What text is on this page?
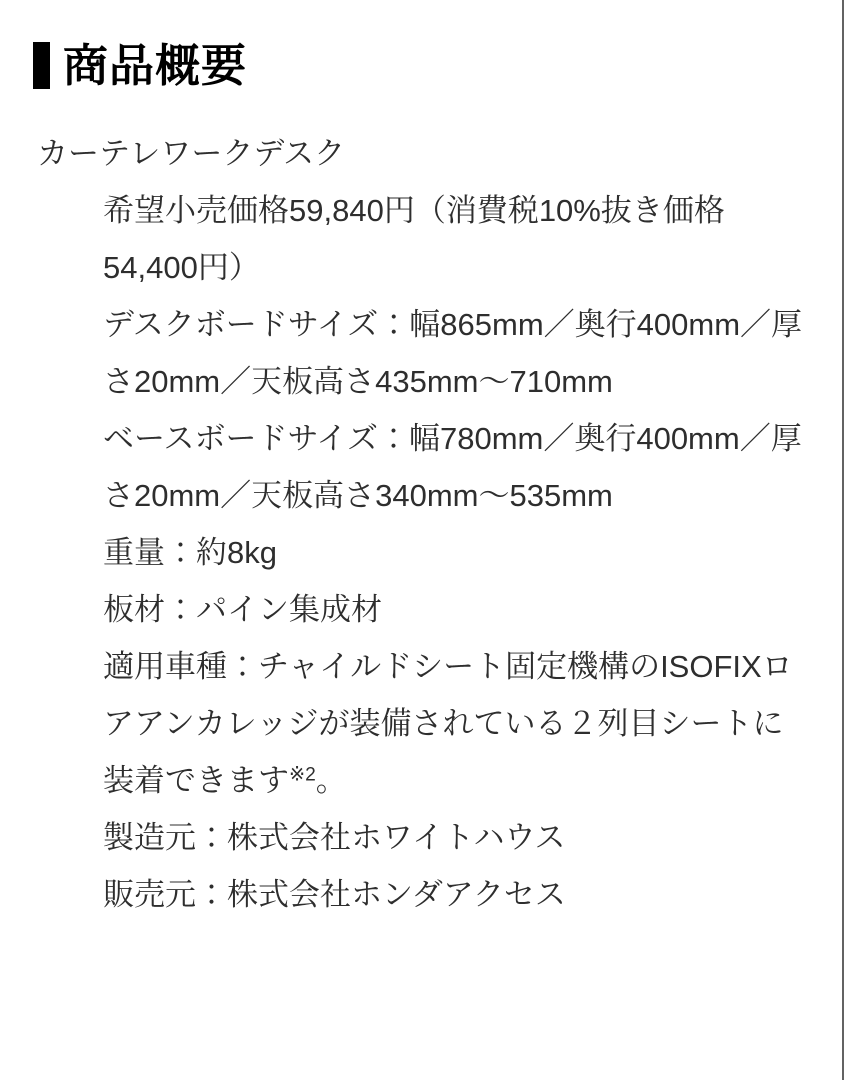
商品概要

カーテレワークデスク

希望小売価格59,840円（消費税10%抜き価格54,400円）
デスクボードサイズ：幅865mm／奥行400mm／厚さ20mm／天板高さ435mm～710mm
ベースボードサイズ：幅780mm／奥行400mm／厚さ20mm／天板高さ340mm～535mm
重量：約8kg
板材：パイン集成材
適用車種：チャイルドシート固定機構のISOFIXロアアンカレッジが装備されている２列目シートに装着できます$^{※2}$。
製造元：株式会社ホワイトハウス
販売元：株式会社ホンダアクセス
